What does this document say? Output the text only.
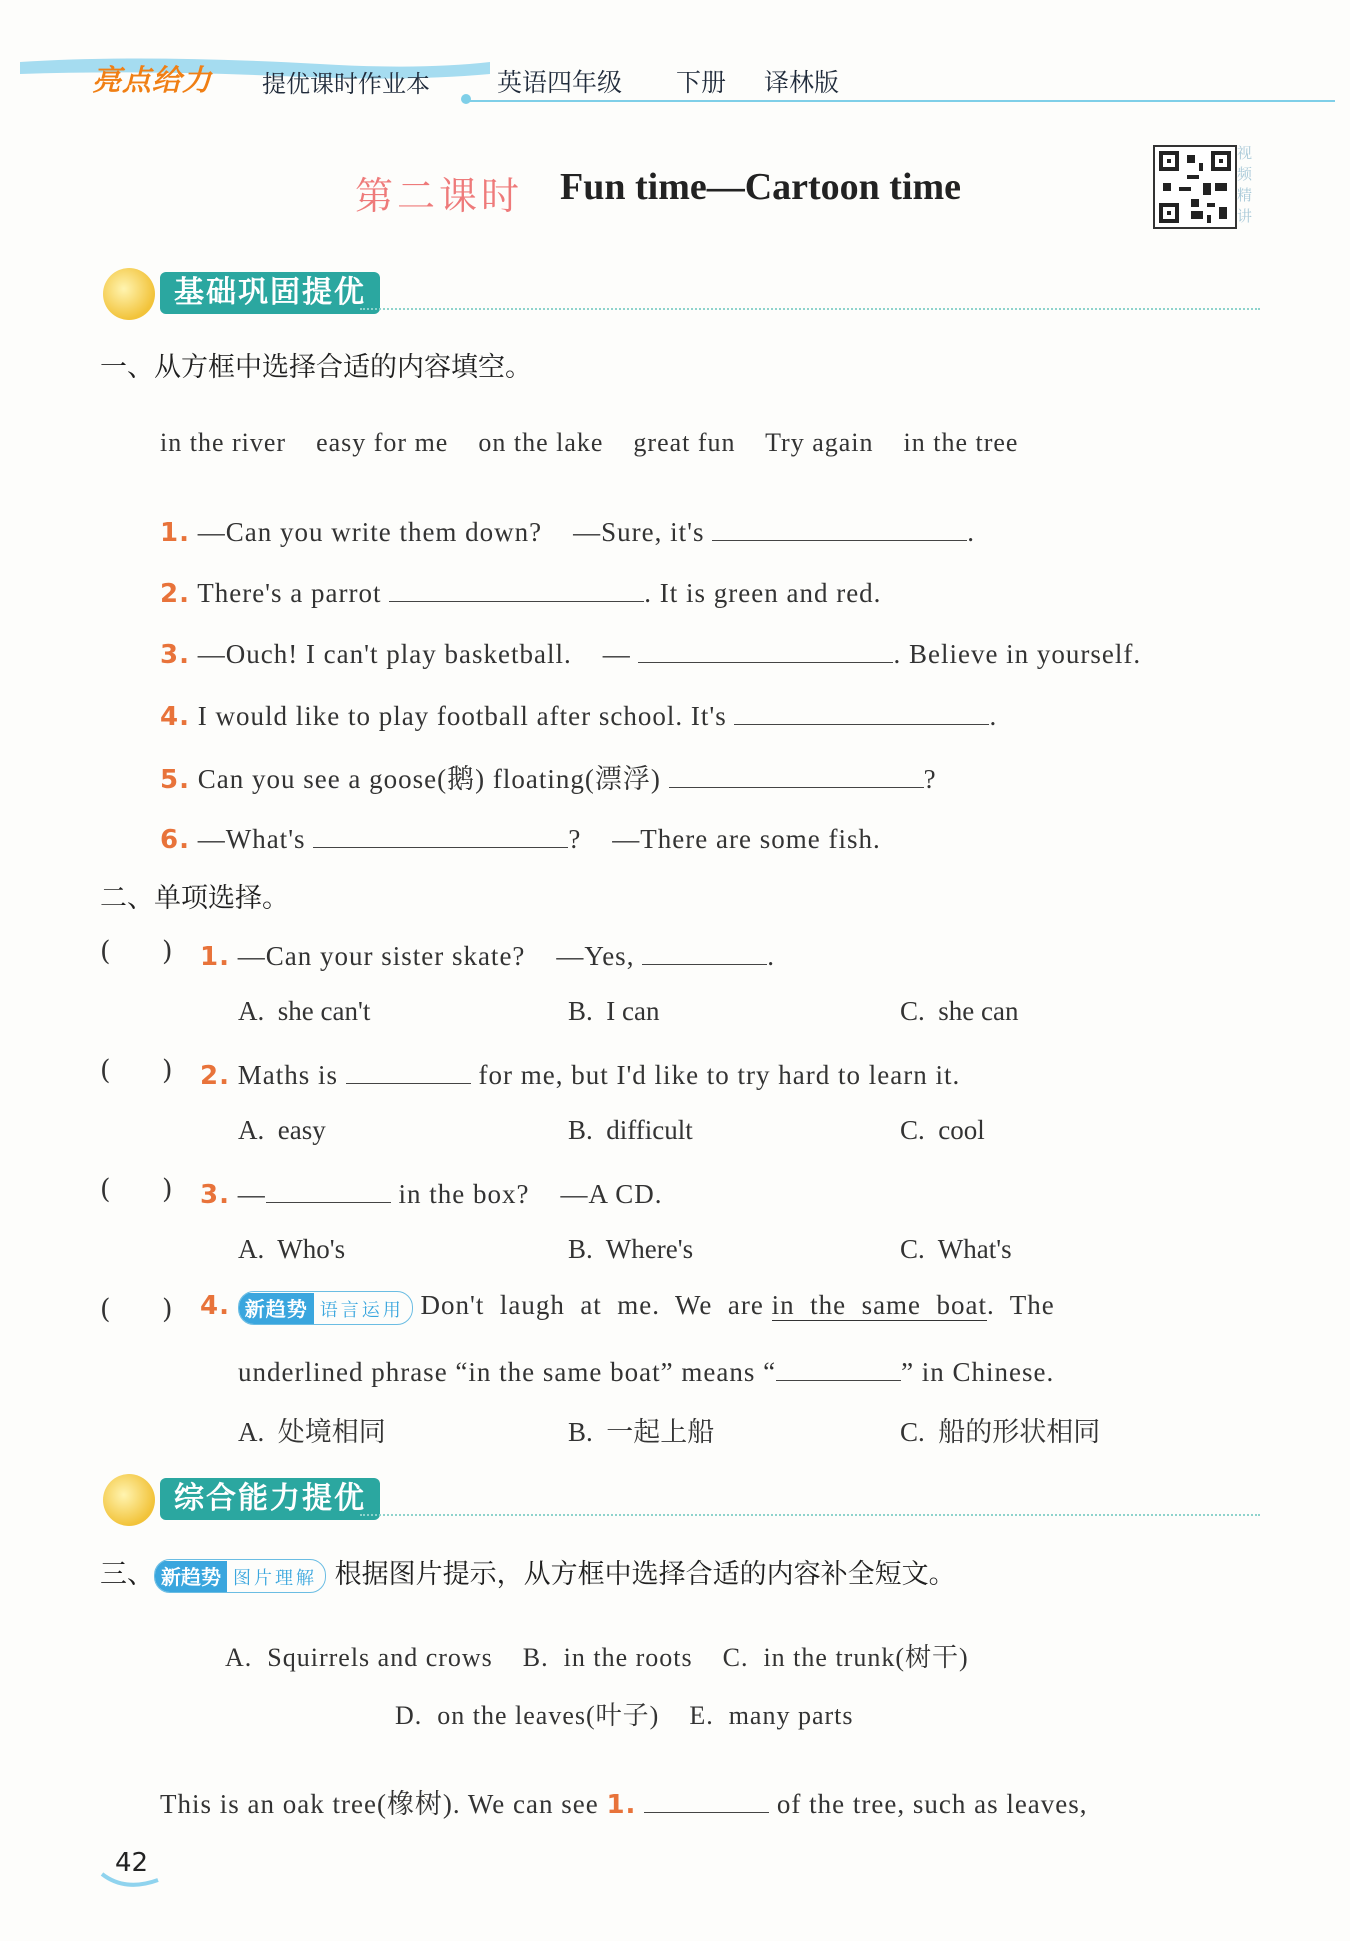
亮点给力 提优课时作业本	英语四年级 下册 译林版
第二课时 Fun time—Cartoon time
视频精讲
基础巩固提优
一、从方框中选择合适的内容填空。
in the river    easy for me    on the lake    great fun    Try again    in the tree
1. —Can you write them down?    —Sure, it's	.
2. There's a parrot	. It is green and red.
3. —Ouch! I can't play basketball.    —	. Believe in yourself.
4. I would like to play football after school. It's	.
5. Can you see a goose(鹅) floating(漂浮)	?
6. —What's	?    —There are some fish.
二、单项选择。
(      ) 1. —Can your sister skate?    —Yes,	.
A.  she can't	B.  I can	C.  she can
(      ) 2. Maths is	for me, but I'd like to try hard to learn it.
A.  easy	B.  difficult	C.  cool
(      ) 3. —	in the box?    —A CD.
A.  Who's	B.  Where's	C.  What's
(      ) 4. 新趋势 语言运用 Don't  laugh  at  me.  We  are in  the  same  boat.  The
underlined phrase “in the same boat” means “	” in Chinese.
A.  处境相同	B.  一起上船	C.  船的形状相同
综合能力提优
三、 新趋势 图片理解 根据图片提示，从方框中选择合适的内容补全短文。
A.  Squirrels and crows    B.  in the roots    C.  in the trunk(树干)
D.  on the leaves(叶子)    E.  many parts
This is an oak tree(橡树). We can see 1.	of the tree, such as leaves,
42
